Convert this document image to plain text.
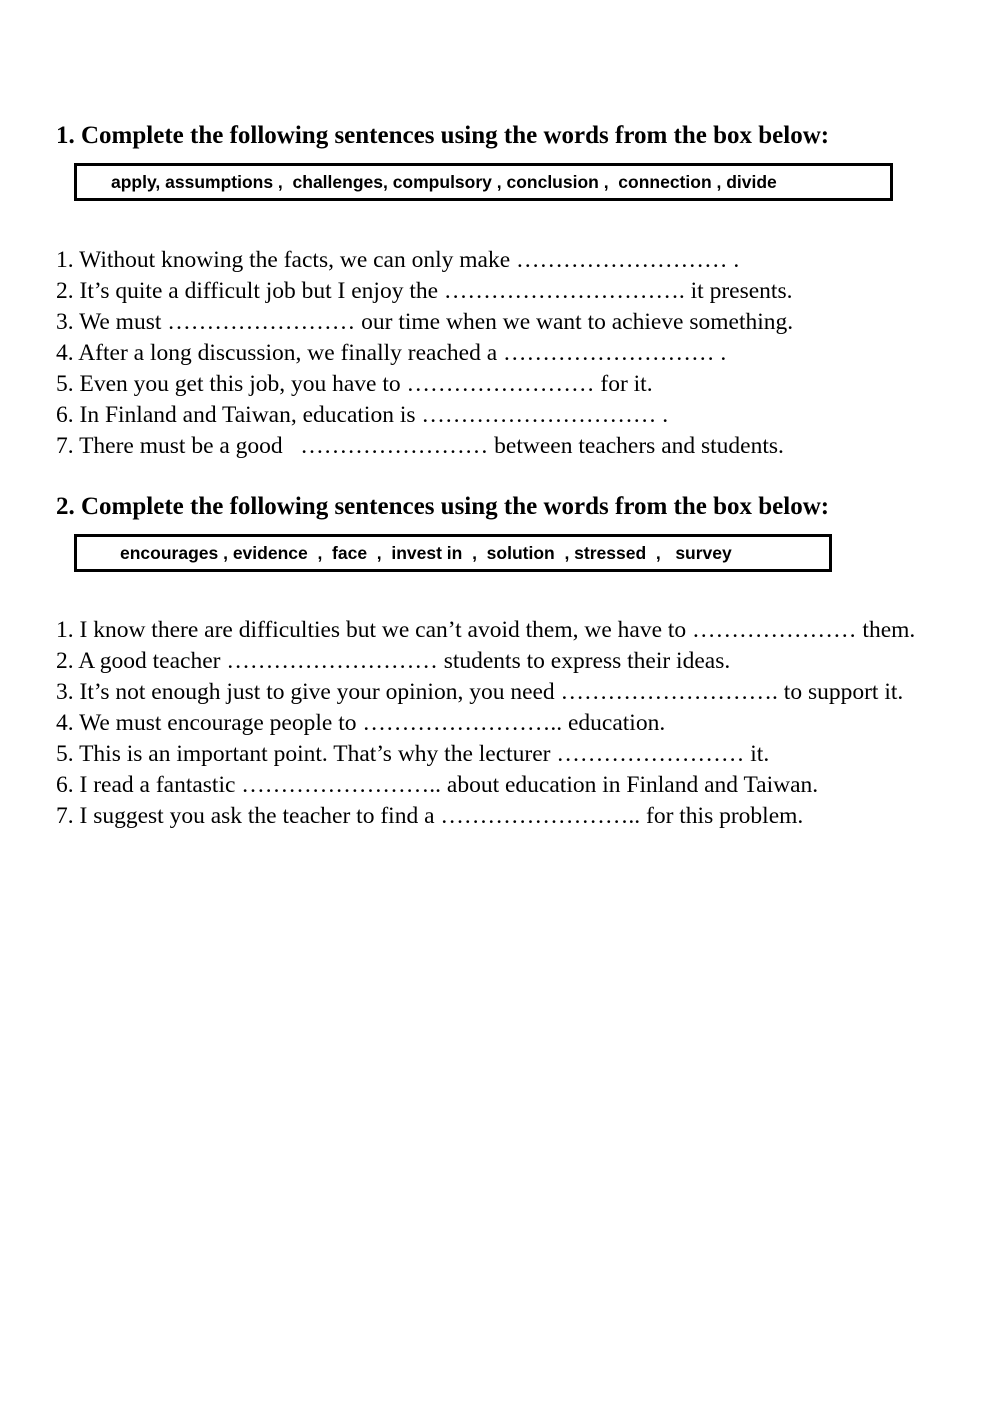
1. Complete the following sentences using the words from the box below:
apply, assumptions ,  challenges, compulsory , conclusion ,  connection , divide
1. Without knowing the facts, we can only make ……………………… .
2. It’s quite a difficult job but I enjoy the …………………………. it presents.
3. We must …………………… our time when we want to achieve something.
4. After a long discussion, we finally reached a ……………………… .
5. Even you get this job, you have to …………………… for it.
6. In Finland and Taiwan, education is ………………………… .
7. There must be a good   …………………… between teachers and students.
2. Complete the following sentences using the words from the box below:
encourages , evidence  ,  face  ,  invest in  ,  solution  , stressed  ,   survey
1. I know there are difficulties but we can’t avoid them, we have to ………………… them.
2. A good teacher ……………………… students to express their ideas.
3. It’s not enough just to give your opinion, you need ………………………. to support it.
4. We must encourage people to …………………….. education.
5. This is an important point. That’s why the lecturer …………………… it.
6. I read a fantastic …………………….. about education in Finland and Taiwan.
7. I suggest you ask the teacher to find a …………………….. for this problem.
